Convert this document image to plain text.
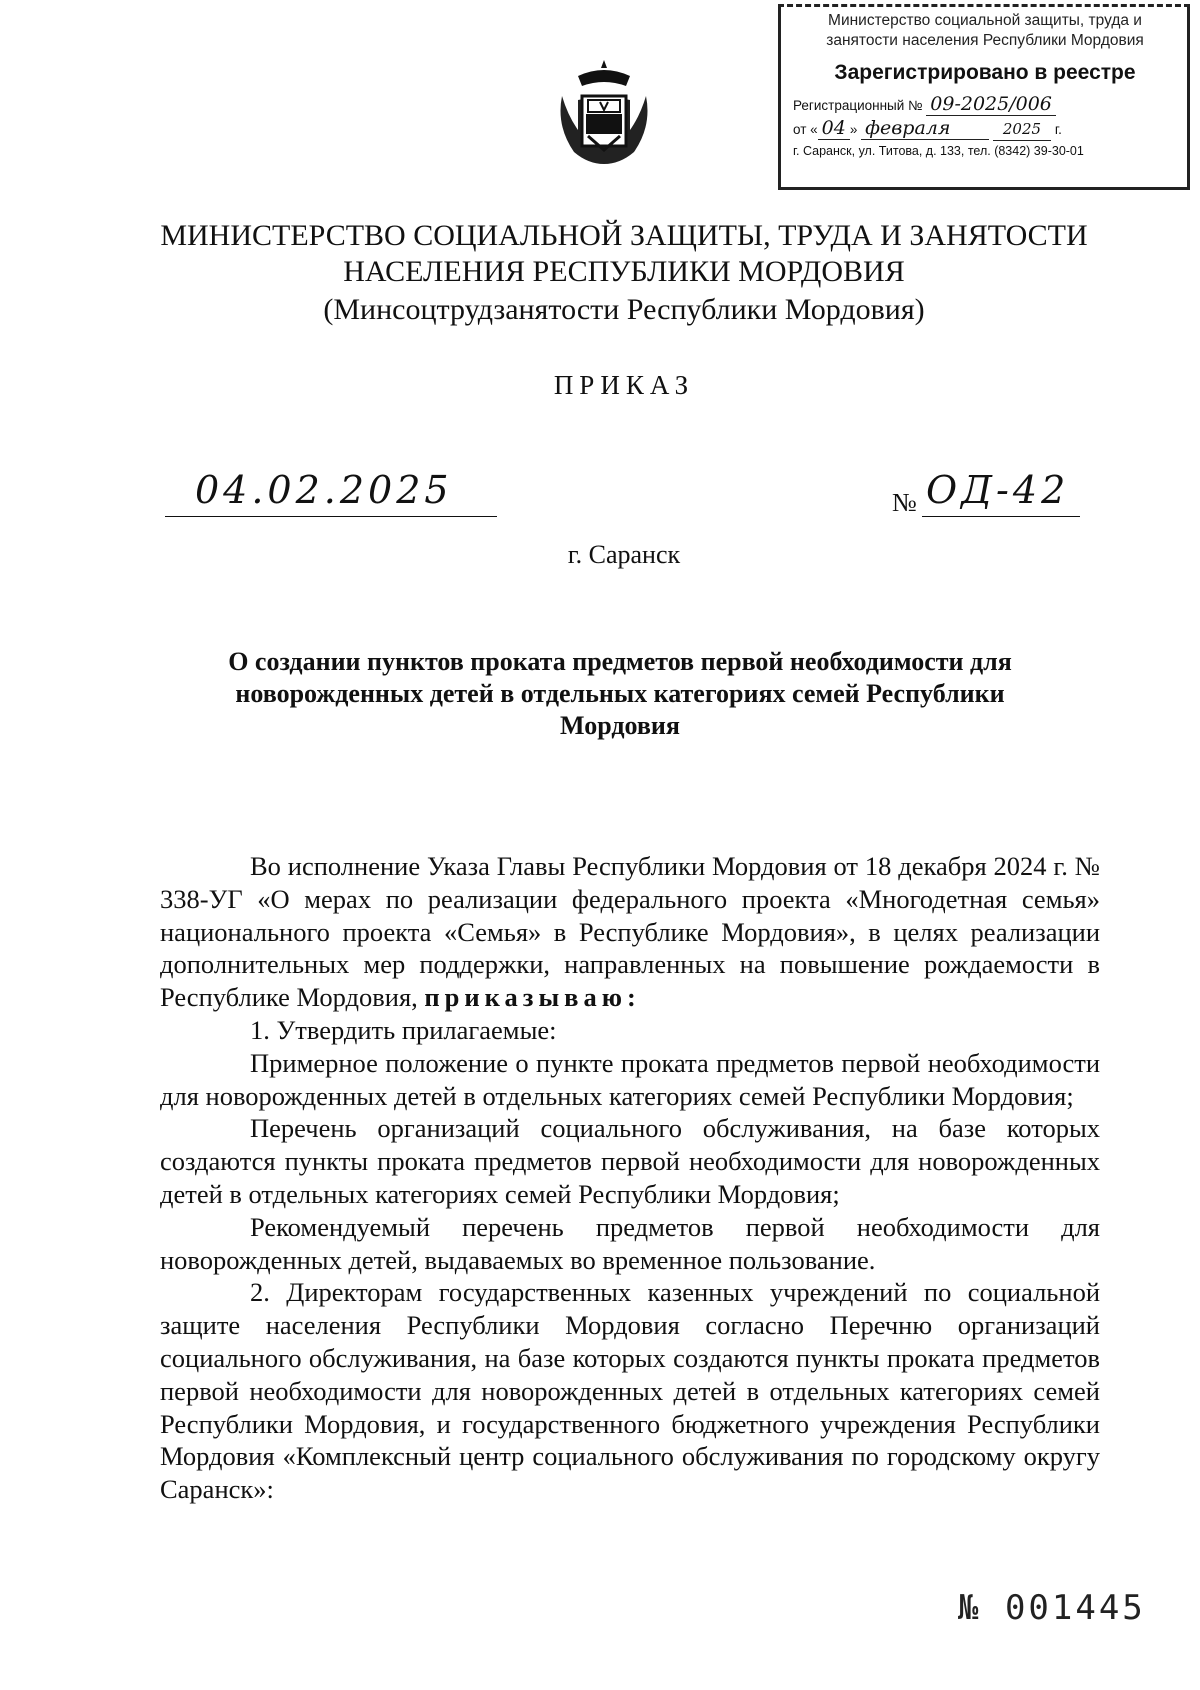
Министерство социальной защиты, труда и
занятости населения Республики Мордовия
Зарегистрировано в реестре
Регистрационный № 09-2025/006
от « 04 » февраля	2025 г.
г. Саранск, ул. Титова, д. 133, тел. (8342) 39-30-01
МИНИСТЕРСТВО СОЦИАЛЬНОЙ ЗАЩИТЫ, ТРУДА И ЗАНЯТОСТИ
НАСЕЛЕНИЯ РЕСПУБЛИКИ МОРДОВИЯ
(Минсоцтрудзанятости Республики Мордовия)
ПРИКАЗ
04.02.2025	№ ОД-42
г. Саранск
О создании пунктов проката предметов первой необходимости для новорожденных детей в отдельных категориях семей Республики Мордовия

Во исполнение Указа Главы Республики Мордовия от 18 декабря 2024 г. № 338-УГ «О мерах по реализации федерального проекта «Многодетная семья» национального проекта «Семья» в Республике Мордовия», в целях реализации дополнительных мер поддержки, направленных на повышение рождаемости в Республике Мордовия, приказываю:

1. Утвердить прилагаемые:

Примерное положение о пункте проката предметов первой необходимости для новорожденных детей в отдельных категориях семей Республики Мордовия;

Перечень организаций социального обслуживания, на базе которых создаются пункты проката предметов первой необходимости для новорожденных детей в отдельных категориях семей Республики Мордовия;

Рекомендуемый перечень предметов первой необходимости для новорожденных детей, выдаваемых во временное пользование.

2. Директорам государственных казенных учреждений по социальной защите населения Республики Мордовия согласно Перечню организаций социального обслуживания, на базе которых создаются пункты проката предметов первой необходимости для новорожденных детей в отдельных категориях семей Республики Мордовия, и государственного бюджетного учреждения Республики Мордовия «Комплексный центр социального обслуживания по городскому округу Саранск»:

№ 001445
